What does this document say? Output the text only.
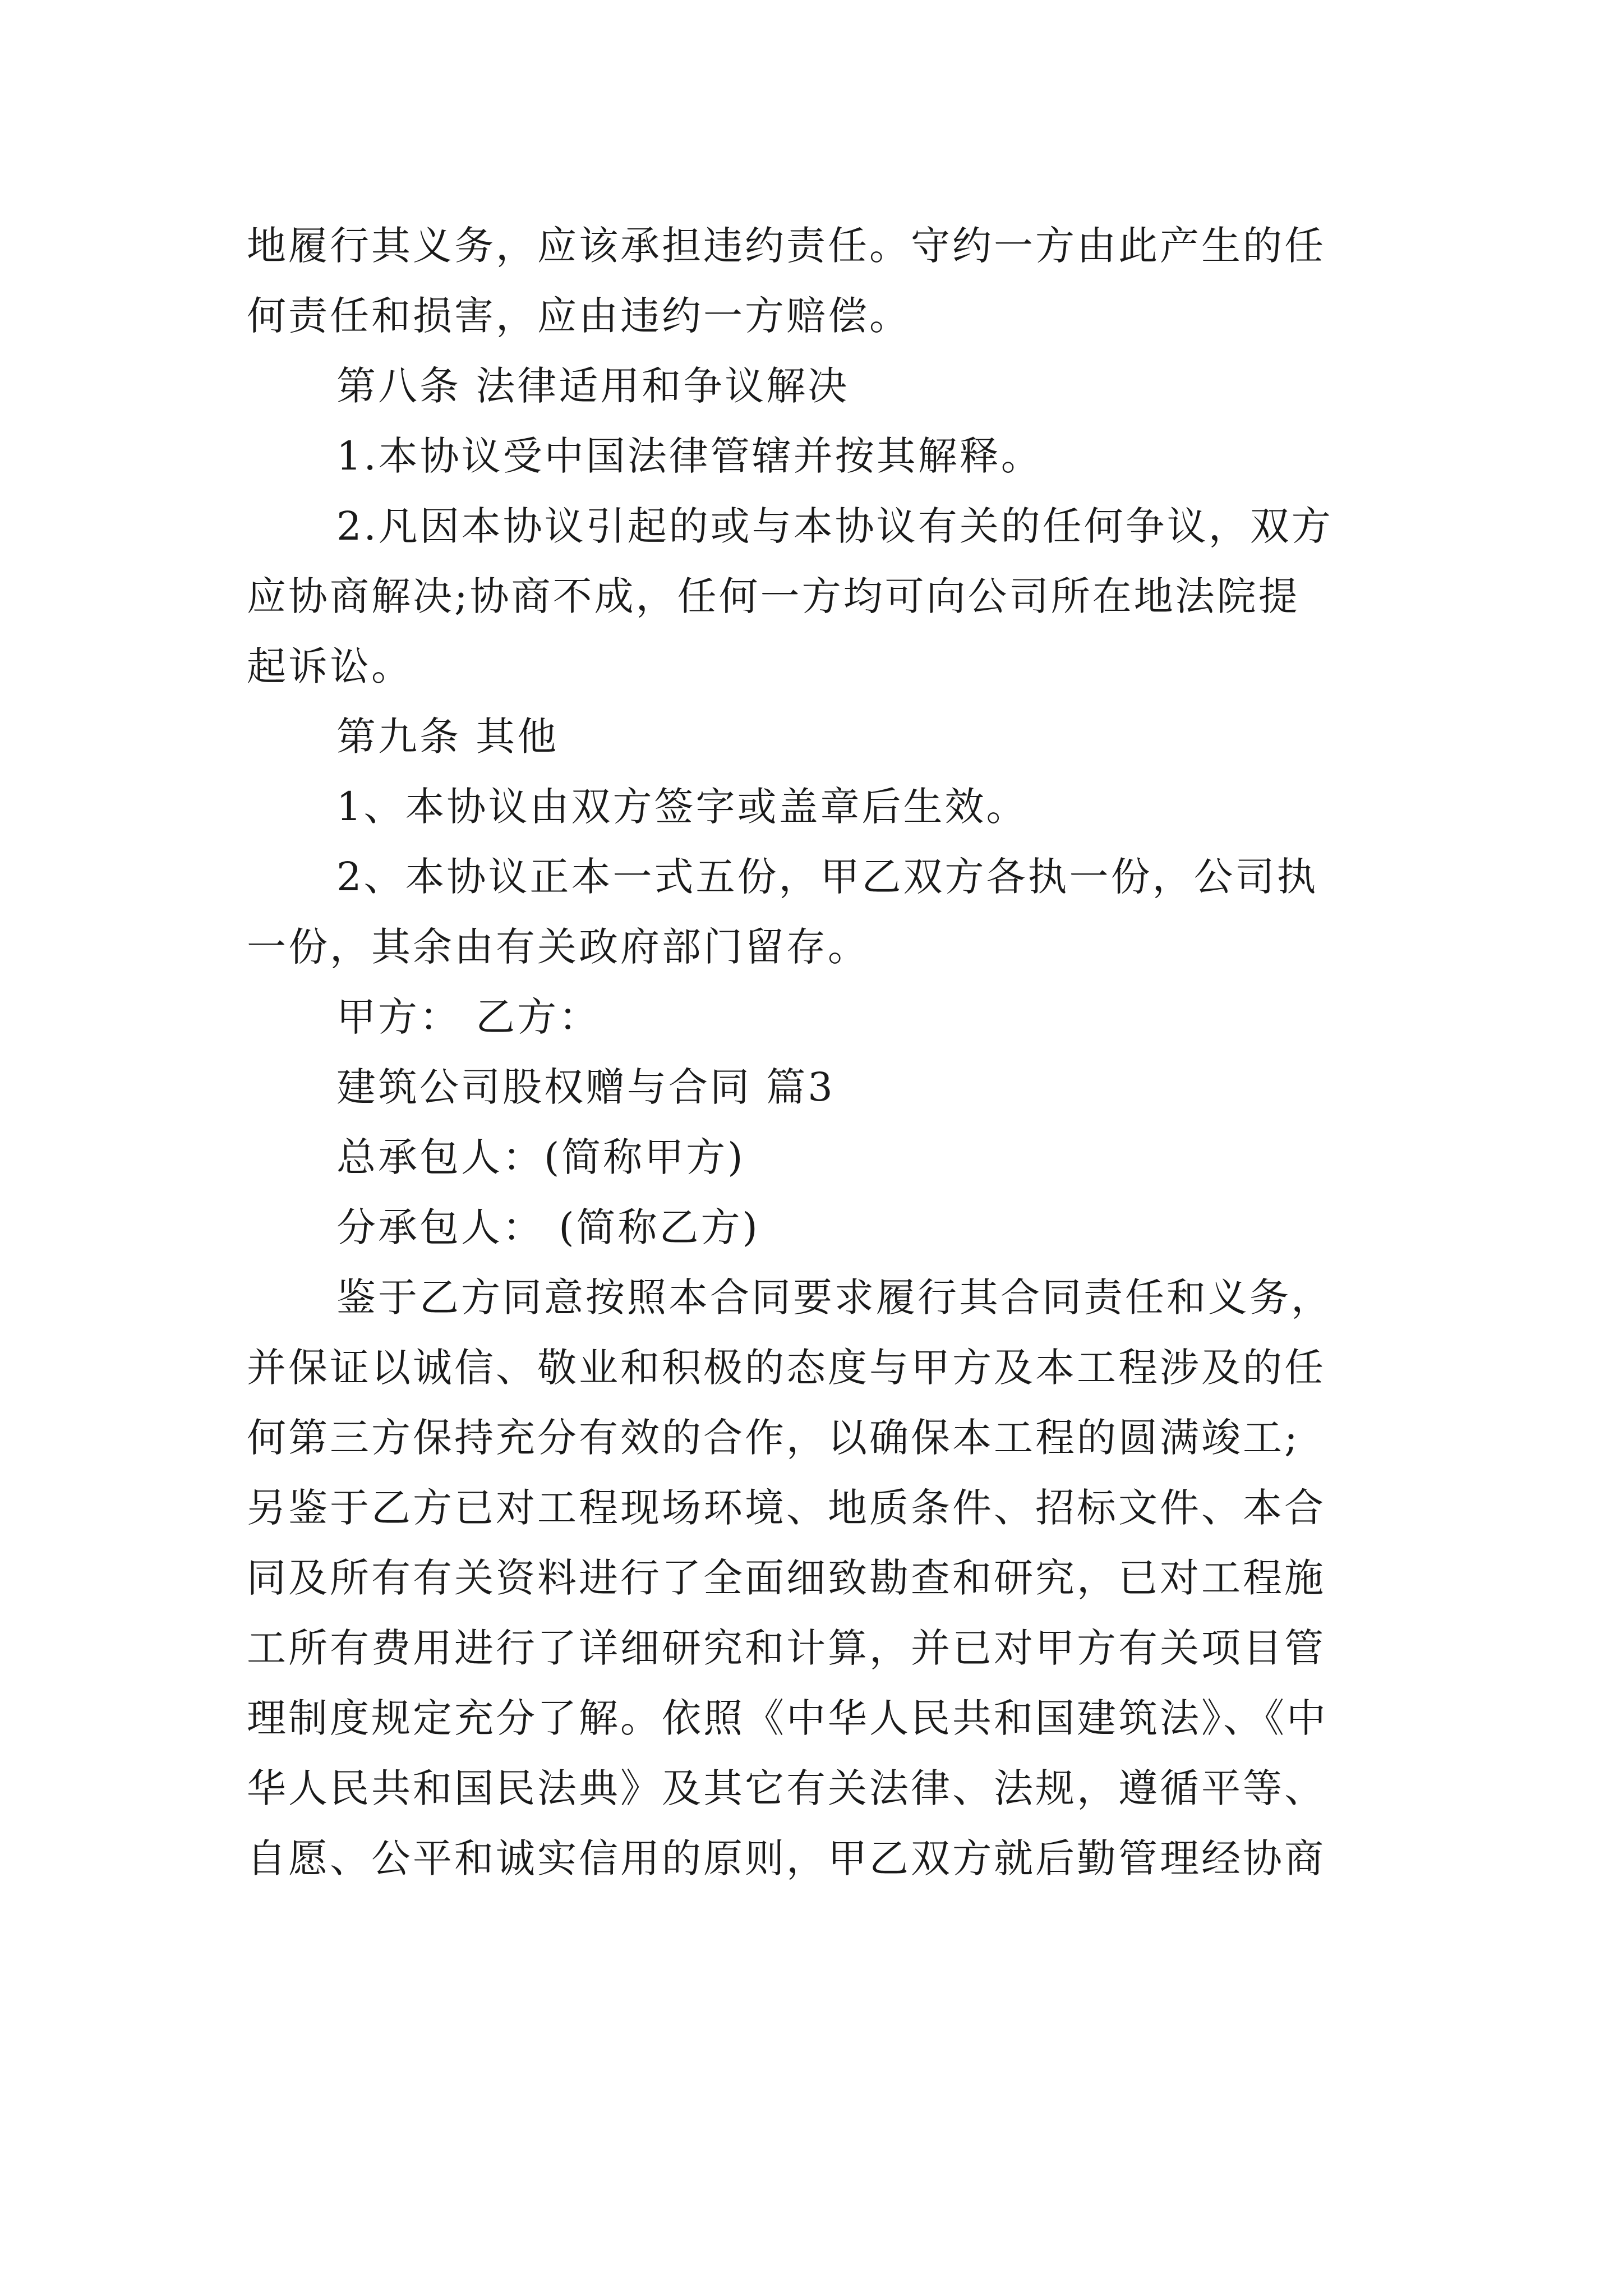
地履行其义务，应该承担违约责任。守约一方由此产生的任
何责任和损害，应由违约一方赔偿。
第八条 法律适用和争议解决
1.本协议受中国法律管辖并按其解释。
2.凡因本协议引起的或与本协议有关的任何争议，双方
应协商解决;协商不成，任何一方均可向公司所在地法院提
起诉讼。
第九条 其他
1、本协议由双方签字或盖章后生效。
2、本协议正本一式五份，甲乙双方各执一份，公司执
一份，其余由有关政府部门留存。
甲方： 乙方：
建筑公司股权赠与合同 篇3
总承包人：(简称甲方)
分承包人： (简称乙方)
鉴于乙方同意按照本合同要求履行其合同责任和义务，
并保证以诚信、敬业和积极的态度与甲方及本工程涉及的任
何第三方保持充分有效的合作，以确保本工程的圆满竣工;
另鉴于乙方已对工程现场环境、地质条件、招标文件、本合
同及所有有关资料进行了全面细致勘查和研究，已对工程施
工所有费用进行了详细研究和计算，并已对甲方有关项目管
理制度规定充分了解。依照《中华人民共和国建筑法》、《中
华人民共和国民法典》及其它有关法律、法规，遵循平等、
自愿、公平和诚实信用的原则，甲乙双方就后勤管理经协商
